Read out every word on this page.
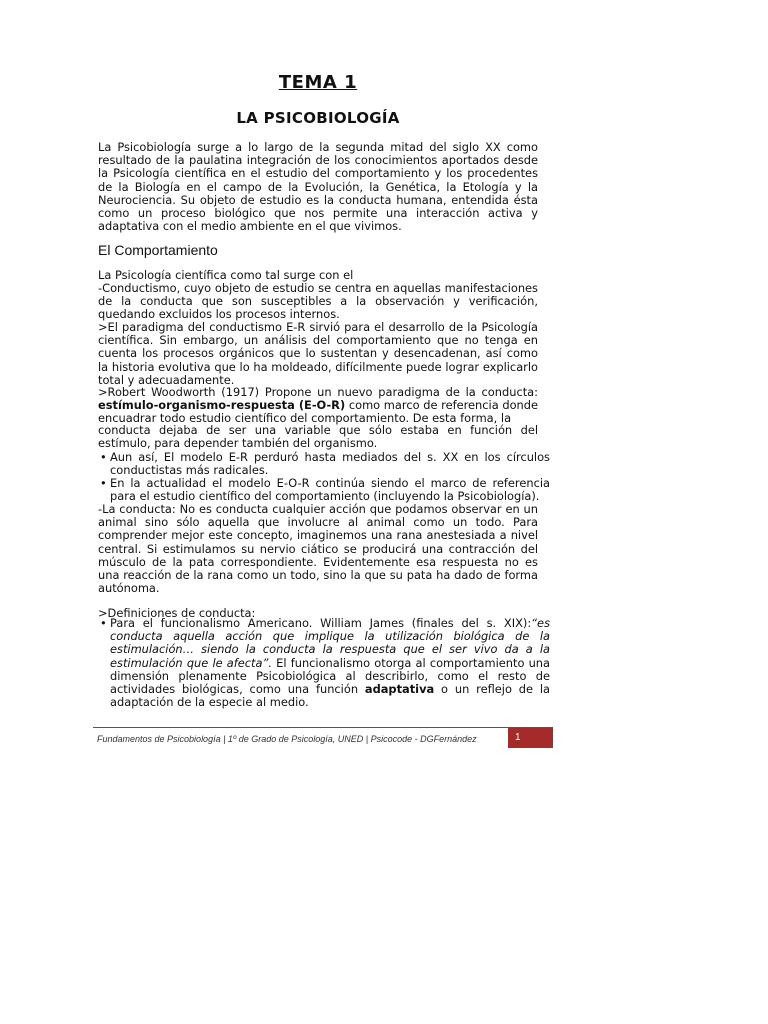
TEMA 1
LA PSICOBIOLOGÍA

La Psicobiología surge a lo largo de la segunda mitad del siglo XX como resultado de la paulatina integración de los conocimientos aportados desde la Psicología científica en el estudio del comportamiento y los procedentes de la Biología en el campo de la Evolución, la Genética, la Etología y la Neurociencia. Su objeto de estudio es la conducta humana, entendida ésta como un proceso biológico que nos permite una interacción activa y adaptativa con el medio ambiente en el que vivimos.

El Comportamiento

La Psicología científica como tal surge con el

-Conductismo, cuyo objeto de estudio se centra en aquellas manifestaciones de la conducta que son susceptibles a la observación y verificación, quedando excluidos los procesos internos.

>El paradigma del conductismo E-R sirvió para el desarrollo de la Psicología científica. Sin embargo, un análisis del comportamiento que no tenga en cuenta los procesos orgánicos que lo sustentan y desencadenan, así como la historia evolutiva que lo ha moldeado, difícilmente puede lograr explicarlo total y adecuadamente.

>Robert Woodworth (1917) Propone un nuevo paradigma de la conducta: estímulo-organismo-respuesta (E-O-R) como marco de referencia donde encuadrar todo estudio científico del comportamiento. De esta forma, la

conducta dejaba de ser una variable que sólo estaba en función del estímulo, para depender también del organismo.

• Aun así, El modelo E-R perduró hasta mediados del s. XX en los círculos conductistas más radicales.

• En la actualidad el modelo E-O-R continúa siendo el marco de referencia para el estudio científico del comportamiento (incluyendo la Psicobiología).

-La conducta: No es conducta cualquier acción que podamos observar en un animal sino sólo aquella que involucre al animal como un todo. Para comprender mejor este concepto, imaginemos una rana anestesiada a nivel central. Si estimulamos su nervio ciático se producirá una contracción del músculo de la pata correspondiente. Evidentemente esa respuesta no es una reacción de la rana como un todo, sino la que su pata ha dado de forma autónoma.

>Definiciones de conducta:

• Para el funcionalismo Americano. William James (finales del s. XIX):“es conducta aquella acción que implique la utilización biológica de la estimulación… siendo la conducta la respuesta que el ser vivo da a la estimulación que le afecta”. El funcionalismo otorga al comportamiento una dimensión plenamente Psicobiológica al describirlo, como el resto de actividades biológicas, como una función adaptativa o un reflejo de la adaptación de la especie al medio.

Fundamentos de Psicobiología | 1º de Grado de Psicología, UNED | Psicocode - DGFernández	1
